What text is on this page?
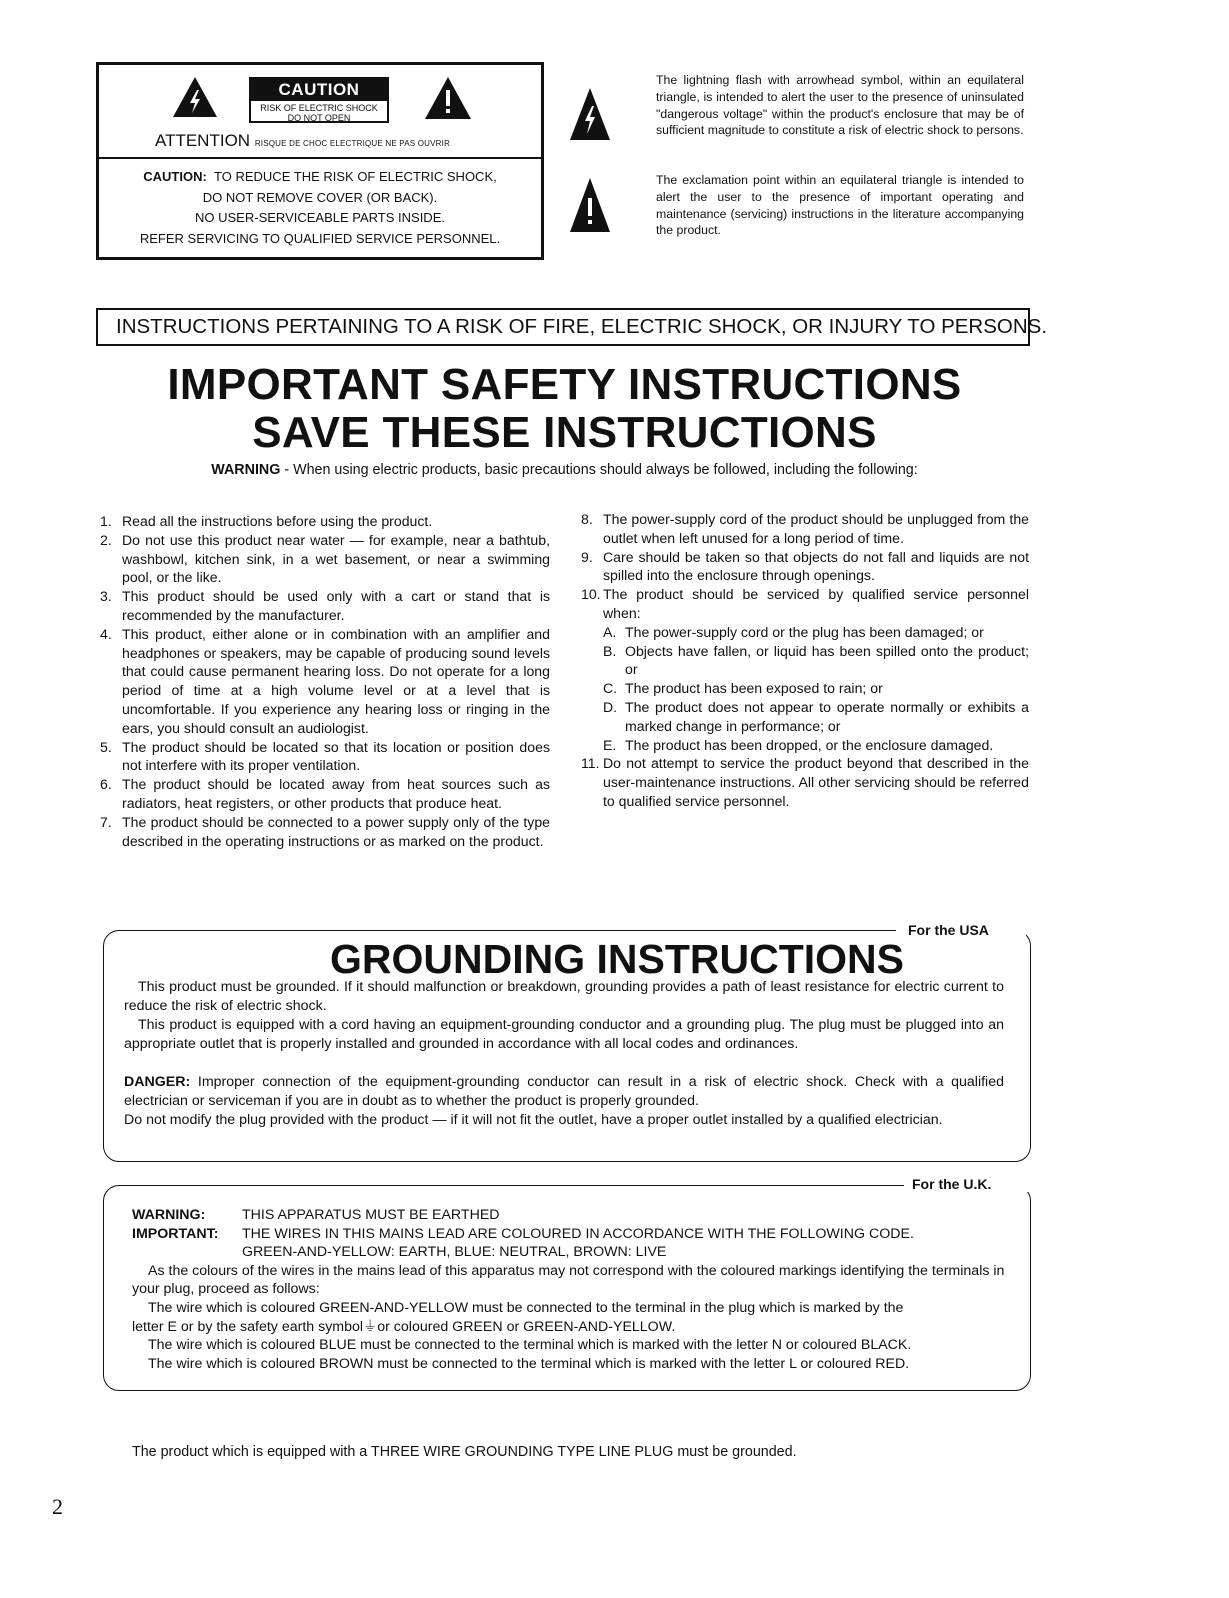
CAUTION
RISK OF ELECTRIC SHOCK
DO NOT OPEN
ATTENTION RISQUE DE CHOC ELECTRIQUE NE PAS OUVRIR
CAUTION: TO REDUCE THE RISK OF ELECTRIC SHOCK,
DO NOT REMOVE COVER (OR BACK).
NO USER-SERVICEABLE PARTS INSIDE.
REFER SERVICING TO QUALIFIED SERVICE PERSONNEL.
The lightning flash with arrowhead symbol, within an equilateral triangle, is intended to alert the user to the presence of uninsulated "dangerous voltage" within the product's enclosure that may be of sufficient magnitude to constitute a risk of electric shock to persons.
The exclamation point within an equilateral triangle is intended to alert the user to the presence of important operating and maintenance (servicing) instructions in the literature accompanying the product.
INSTRUCTIONS PERTAINING TO A RISK OF FIRE, ELECTRIC SHOCK, OR INJURY TO PERSONS.
IMPORTANT SAFETY INSTRUCTIONS
SAVE THESE INSTRUCTIONS
WARNING - When using electric products, basic precautions should always be followed, including the following:
1. Read all the instructions before using the product.
2. Do not use this product near water — for example, near a bathtub, washbowl, kitchen sink, in a wet basement, or near a swimming pool, or the like.
3. This product should be used only with a cart or stand that is recommended by the manufacturer.
4. This product, either alone or in combination with an amplifier and headphones or speakers, may be capable of producing sound levels that could cause permanent hearing loss. Do not operate for a long period of time at a high volume level or at a level that is uncomfortable. If you experience any hearing loss or ringing in the ears, you should consult an audiologist.
5. The product should be located so that its location or position does not interfere with its proper ventilation.
6. The product should be located away from heat sources such as radiators, heat registers, or other products that produce heat.
7. The product should be connected to a power supply only of the type described in the operating instructions or as marked on the product.
8. The power-supply cord of the product should be unplugged from the outlet when left unused for a long period of time.
9. Care should be taken so that objects do not fall and liquids are not spilled into the enclosure through openings.
10. The product should be serviced by qualified service personnel when:
A. The power-supply cord or the plug has been damaged; or
B. Objects have fallen, or liquid has been spilled onto the product; or
C. The product has been exposed to rain; or
D. The product does not appear to operate normally or exhibits a marked change in performance; or
E. The product has been dropped, or the enclosure damaged.
11. Do not attempt to service the product beyond that described in the user-maintenance instructions. All other servicing should be referred to qualified service personnel.
For the USA
GROUNDING INSTRUCTIONS
This product must be grounded. If it should malfunction or breakdown, grounding provides a path of least resistance for electric current to reduce the risk of electric shock.
This product is equipped with a cord having an equipment-grounding conductor and a grounding plug. The plug must be plugged into an appropriate outlet that is properly installed and grounded in accordance with all local codes and ordinances.
DANGER: Improper connection of the equipment-grounding conductor can result in a risk of electric shock. Check with a qualified electrician or serviceman if you are in doubt as to whether the product is properly grounded.
Do not modify the plug provided with the product — if it will not fit the outlet, have a proper outlet installed by a qualified electrician.
For the U.K.
WARNING:	THIS APPARATUS MUST BE EARTHED
IMPORTANT:	THE WIRES IN THIS MAINS LEAD ARE COLOURED IN ACCORDANCE WITH THE FOLLOWING CODE.
GREEN-AND-YELLOW: EARTH, BLUE: NEUTRAL, BROWN: LIVE
As the colours of the wires in the mains lead of this apparatus may not correspond with the coloured markings identifying the terminals in your plug, proceed as follows:
The wire which is coloured GREEN-AND-YELLOW must be connected to the terminal in the plug which is marked by the
letter E or by the safety earth symbol⏚or coloured GREEN or GREEN-AND-YELLOW.
The wire which is coloured BLUE must be connected to the terminal which is marked with the letter N or coloured BLACK.
The wire which is coloured BROWN must be connected to the terminal which is marked with the letter L or coloured RED.
The product which is equipped with a THREE WIRE GROUNDING TYPE LINE PLUG must be grounded.
2
